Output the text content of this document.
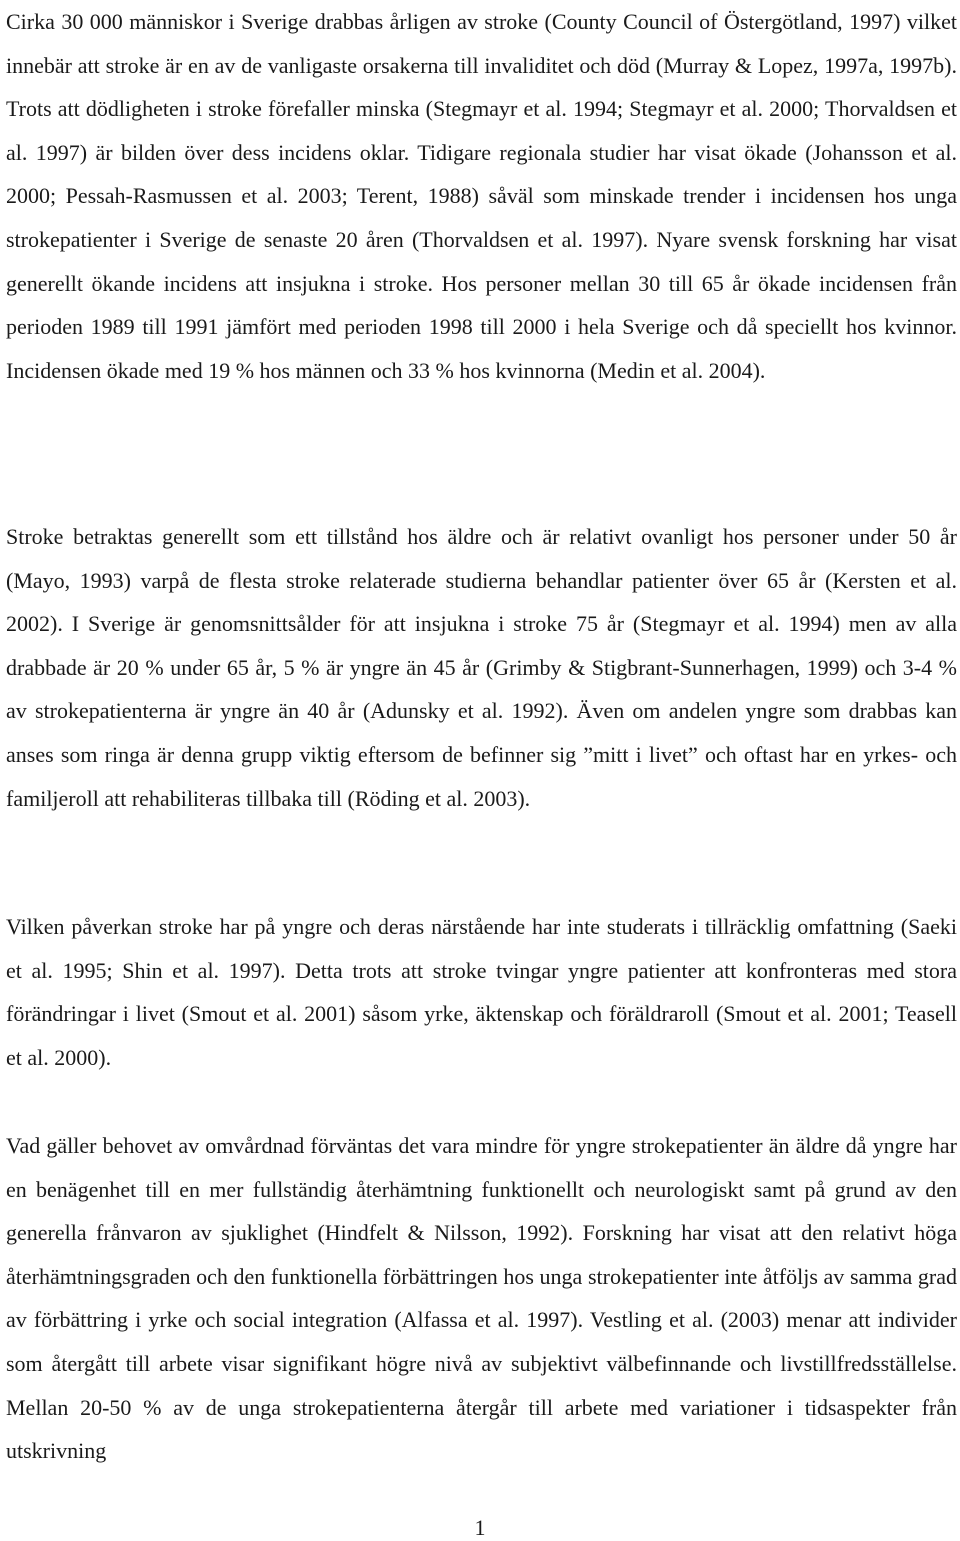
Cirka 30 000 människor i Sverige drabbas årligen av stroke (County Council of Östergötland, 1997) vilket innebär att stroke är en av de vanligaste orsakerna till invaliditet och död (Murray & Lopez, 1997a, 1997b). Trots att dödligheten i stroke förefaller minska (Stegmayr et al. 1994; Stegmayr et al. 2000; Thorvaldsen et al. 1997) är bilden över dess incidens oklar. Tidigare regionala studier har visat ökade (Johansson et al. 2000; Pessah-Rasmussen et al. 2003; Terent, 1988) såväl som minskade trender i incidensen hos unga strokepatienter i Sverige de senaste 20 åren (Thorvaldsen et al. 1997). Nyare svensk forskning har visat generellt ökande incidens att insjukna i stroke. Hos personer mellan 30 till 65 år ökade incidensen från perioden 1989 till 1991 jämfört med perioden 1998 till 2000 i hela Sverige och då speciellt hos kvinnor. Incidensen ökade med 19 % hos männen och 33 % hos kvinnorna (Medin et al. 2004).

Stroke betraktas generellt som ett tillstånd hos äldre och är relativt ovanligt hos personer under 50 år (Mayo, 1993) varpå de flesta stroke relaterade studierna behandlar patienter över 65 år (Kersten et al. 2002). I Sverige är genomsnittsålder för att insjukna i stroke 75 år (Stegmayr et al. 1994) men av alla drabbade är 20 % under 65 år, 5 % är yngre än 45 år (Grimby & Stigbrant-Sunnerhagen, 1999) och 3-4 % av strokepatienterna är yngre än 40 år (Adunsky et al. 1992). Även om andelen yngre som drabbas kan anses som ringa är denna grupp viktig eftersom de befinner sig ”mitt i livet” och oftast har en yrkes- och familjeroll att rehabiliteras tillbaka till (Röding et al. 2003).

Vilken påverkan stroke har på yngre och deras närstående har inte studerats i tillräcklig omfattning (Saeki et al. 1995; Shin et al. 1997). Detta trots att stroke tvingar yngre patienter att konfronteras med stora förändringar i livet (Smout et al. 2001) såsom yrke, äktenskap och föräldraroll (Smout et al. 2001; Teasell et al. 2000).

Vad gäller behovet av omvårdnad förväntas det vara mindre för yngre strokepatienter än äldre då yngre har en benägenhet till en mer fullständig återhämtning funktionellt och neurologiskt samt på grund av den generella frånvaron av sjuklighet (Hindfelt & Nilsson, 1992). Forskning har visat att den relativt höga återhämtningsgraden och den funktionella förbättringen hos unga strokepatienter inte åtföljs av samma grad av förbättring i yrke och social integration (Alfassa et al. 1997). Vestling et al. (2003) menar att individer som återgått till arbete visar signifikant högre nivå av subjektivt välbefinnande och livstillfredsställelse. Mellan 20-50 % av de unga strokepatienterna återgår till arbete med variationer i tidsaspekter från utskrivning

1
